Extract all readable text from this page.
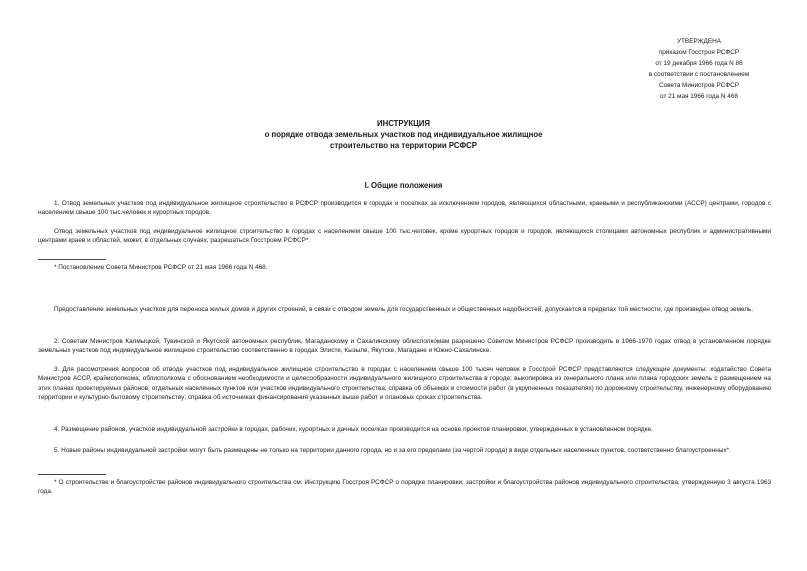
УТВЕРЖДЕНА
приказом Госстроя РСФСР
от 19 декабря 1966 года N 86
в соответствии с постановлением
Совета Министров РСФСР
от 21 мая 1966 года N 468
ИНСТРУКЦИЯ
о порядке отвода земельных участков под индивидуальное жилищное
строительство на территории РСФСР
I. Общие положения

1. Отвод земельных участков под индивидуальное жилищное строительство в РСФСР производится в городах и поселках за исключением городов, являющихся областными, краевыми и республиканскими (АССР) центрами, городов с населением свыше 100 тыс.человек и курортных городов.

Отвод земельных участков под индивидуальное жилищное строительство в городах с населением свыше 100 тыс.человек, кроме курортных городов и городов, являющихся столицами автономных республик и административными центрами краев и областей, может, в отдельных случаях, разрешаться Госстроем РСФСР*.

* Постановление Совета Министров РСФСР от 21 мая 1966 года N 468.

Предоставление земельных участков для переноса жилых домов и других строений, в связи с отводом земель для государственных и общественных надобностей, допускается в пределах той местности, где произведен отвод земель.

2. Советам Министров Калмыцкой, Тувинской и Якутской автономных республик, Магаданскому и Сахалинскому облисполкомам разрешено Советом Министров РСФСР производить в 1966-1970 годах отвод в установленном порядке земельных участков под индивидуальное жилищное строительство соответственно в городах Элисте, Кызыле, Якутске, Магадане и Южно-Сахалинске.

3. Для рассмотрения вопросов об отводе участков под индивидуальное жилищное строительство в городах с населением свыше 100 тысяч человек в Госстрой РСФСР представляются следующие документы: ходатайство Совета Министров АССР, крайисполкома, облисполкома с обоснованием необходимости и целесообразности индивидуального жилищного строительства в городе; выкопировка из генерального плана или плана городских земель с размещением на этих планах проектируемых районов, отдельных населенных пунктов или участков индивидуального строительства; справка об объемах и стоимости работ (в укрупненных показателях) по дорожному строительству, инженерному оборудованию территории и культурно-бытовому строительству; справка об источниках финансирования указанных выше работ и плановых сроках строительства.

4. Размещение районов, участков индивидуальной застройки в городах, рабочих, курортных и дачных поселках производится на основе проектов планировки, утвержденных в установленном порядке.

5. Новые районы индивидуальной застройки могут быть размещены не только на территории данного города, но и за его пределами (за чертой города) в виде отдельных населенных пунктов, соответственно благоустроенных*.

* О строительстве и благоустройстве районов индивидуального строительства см. Инструкцию Госстроя РСФСР о порядке планировки, застройки и благоустройства районов индивидуального строительства, утвержденную 3 августа 1963 года.
